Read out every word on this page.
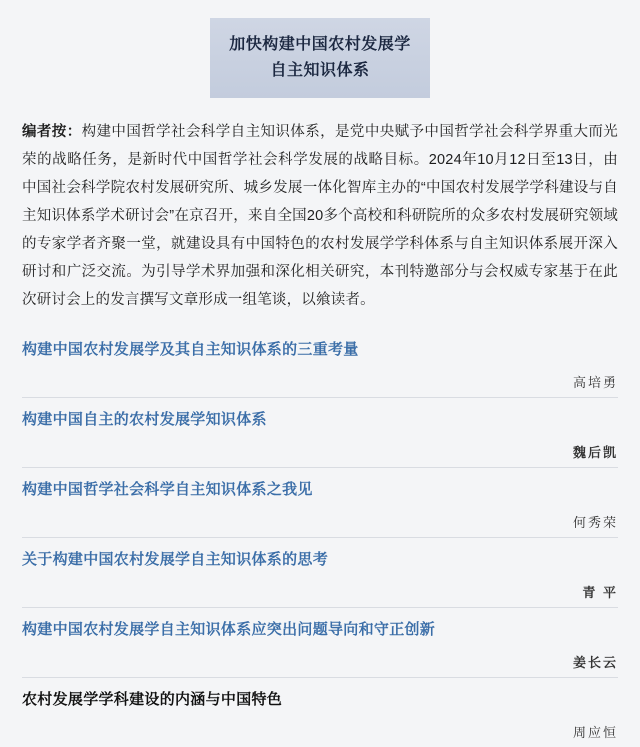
加快构建中国农村发展学
自主知识体系
编者按：构建中国哲学社会科学自主知识体系，是党中央赋予中国哲学社会科学界重大而光荣的战略任务，是新时代中国哲学社会科学发展的战略目标。2024年10月12日至13日，由中国社会科学院农村发展研究所、城乡发展一体化智库主办的“中国农村发展学学科建设与自主知识体系学术研讨会”在京召开，来自全国20多个高校和科研院所的众多农村发展研究领域的专家学者齐聚一堂，就建设具有中国特色的农村发展学学科体系与自主知识体系展开深入研讨和广泛交流。为引导学术界加强和深化相关研究，本刊特邀部分与会权威专家基于在此次研讨会上的发言撰写文章形成一组笔谈，以飨读者。
构建中国农村发展学及其自主知识体系的三重考量
高培勇
构建中国自主的农村发展学知识体系
魏后凯
构建中国哲学社会科学自主知识体系之我见
何秀荣
关于构建中国农村发展学自主知识体系的思考
青 平
构建中国农村发展学自主知识体系应突出问题导向和守正创新
姜长云
农村发展学学科建设的内涵与中国特色
周应恒
